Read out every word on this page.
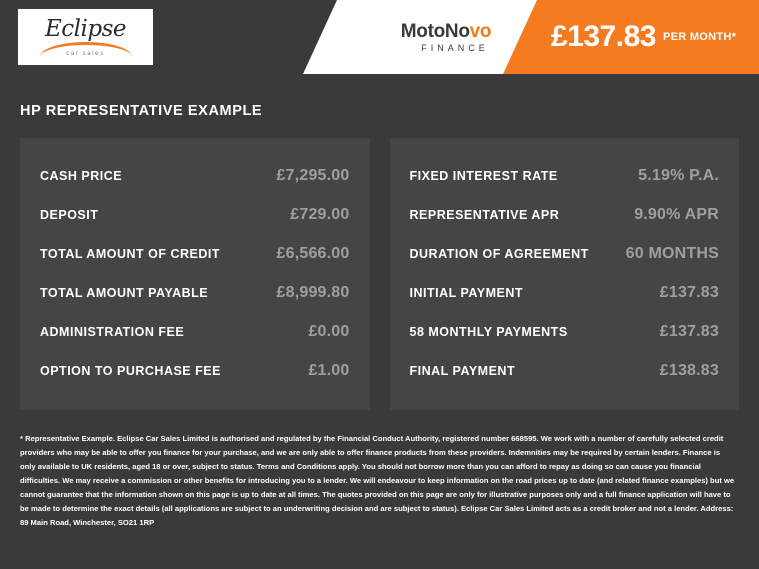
Eclipse
car sales
MotoNovo
FINANCE £137.83 PER MONTH*
HP REPRESENTATIVE EXAMPLE
CASH PRICE	£7,295.00
DEPOSIT	£729.00
TOTAL AMOUNT OF CREDIT	£6,566.00
TOTAL AMOUNT PAYABLE	£8,999.80
ADMINISTRATION FEE	£0.00
OPTION TO PURCHASE FEE	£1.00
FIXED INTEREST RATE	5.19% P.A.
REPRESENTATIVE APR	9.90% APR
DURATION OF AGREEMENT 60 MONTHS
INITIAL PAYMENT	£137.83
58 MONTHLY PAYMENTS	£137.83
FINAL PAYMENT	£138.83
* Representative Example. Eclipse Car Sales Limited is authorised and regulated by the Financial Conduct Authority, registered number 668595. We work with a number of carefully selected credit providers who may be able to offer you finance for your purchase, and we are only able to offer finance products from these providers. Indemnities may be required by certain lenders. Finance is only available to UK residents, aged 18 or over, subject to status. Terms and Conditions apply. You should not borrow more than you can afford to repay as doing so can cause you financial difficulties. We may receive a commission or other benefits for introducing you to a lender. We will endeavour to keep information on the road prices up to date (and related finance examples) but we cannot guarantee that the information shown on this page is up to date at all times. The quotes provided on this page are only for illustrative purposes only and a full finance application will have to be made to determine the exact details (all applications are subject to an underwriting decision and are subject to status). Eclipse Car Sales Limited acts as a credit broker and not a lender. Address: 89 Main Road, Winchester, SO21 1RP
